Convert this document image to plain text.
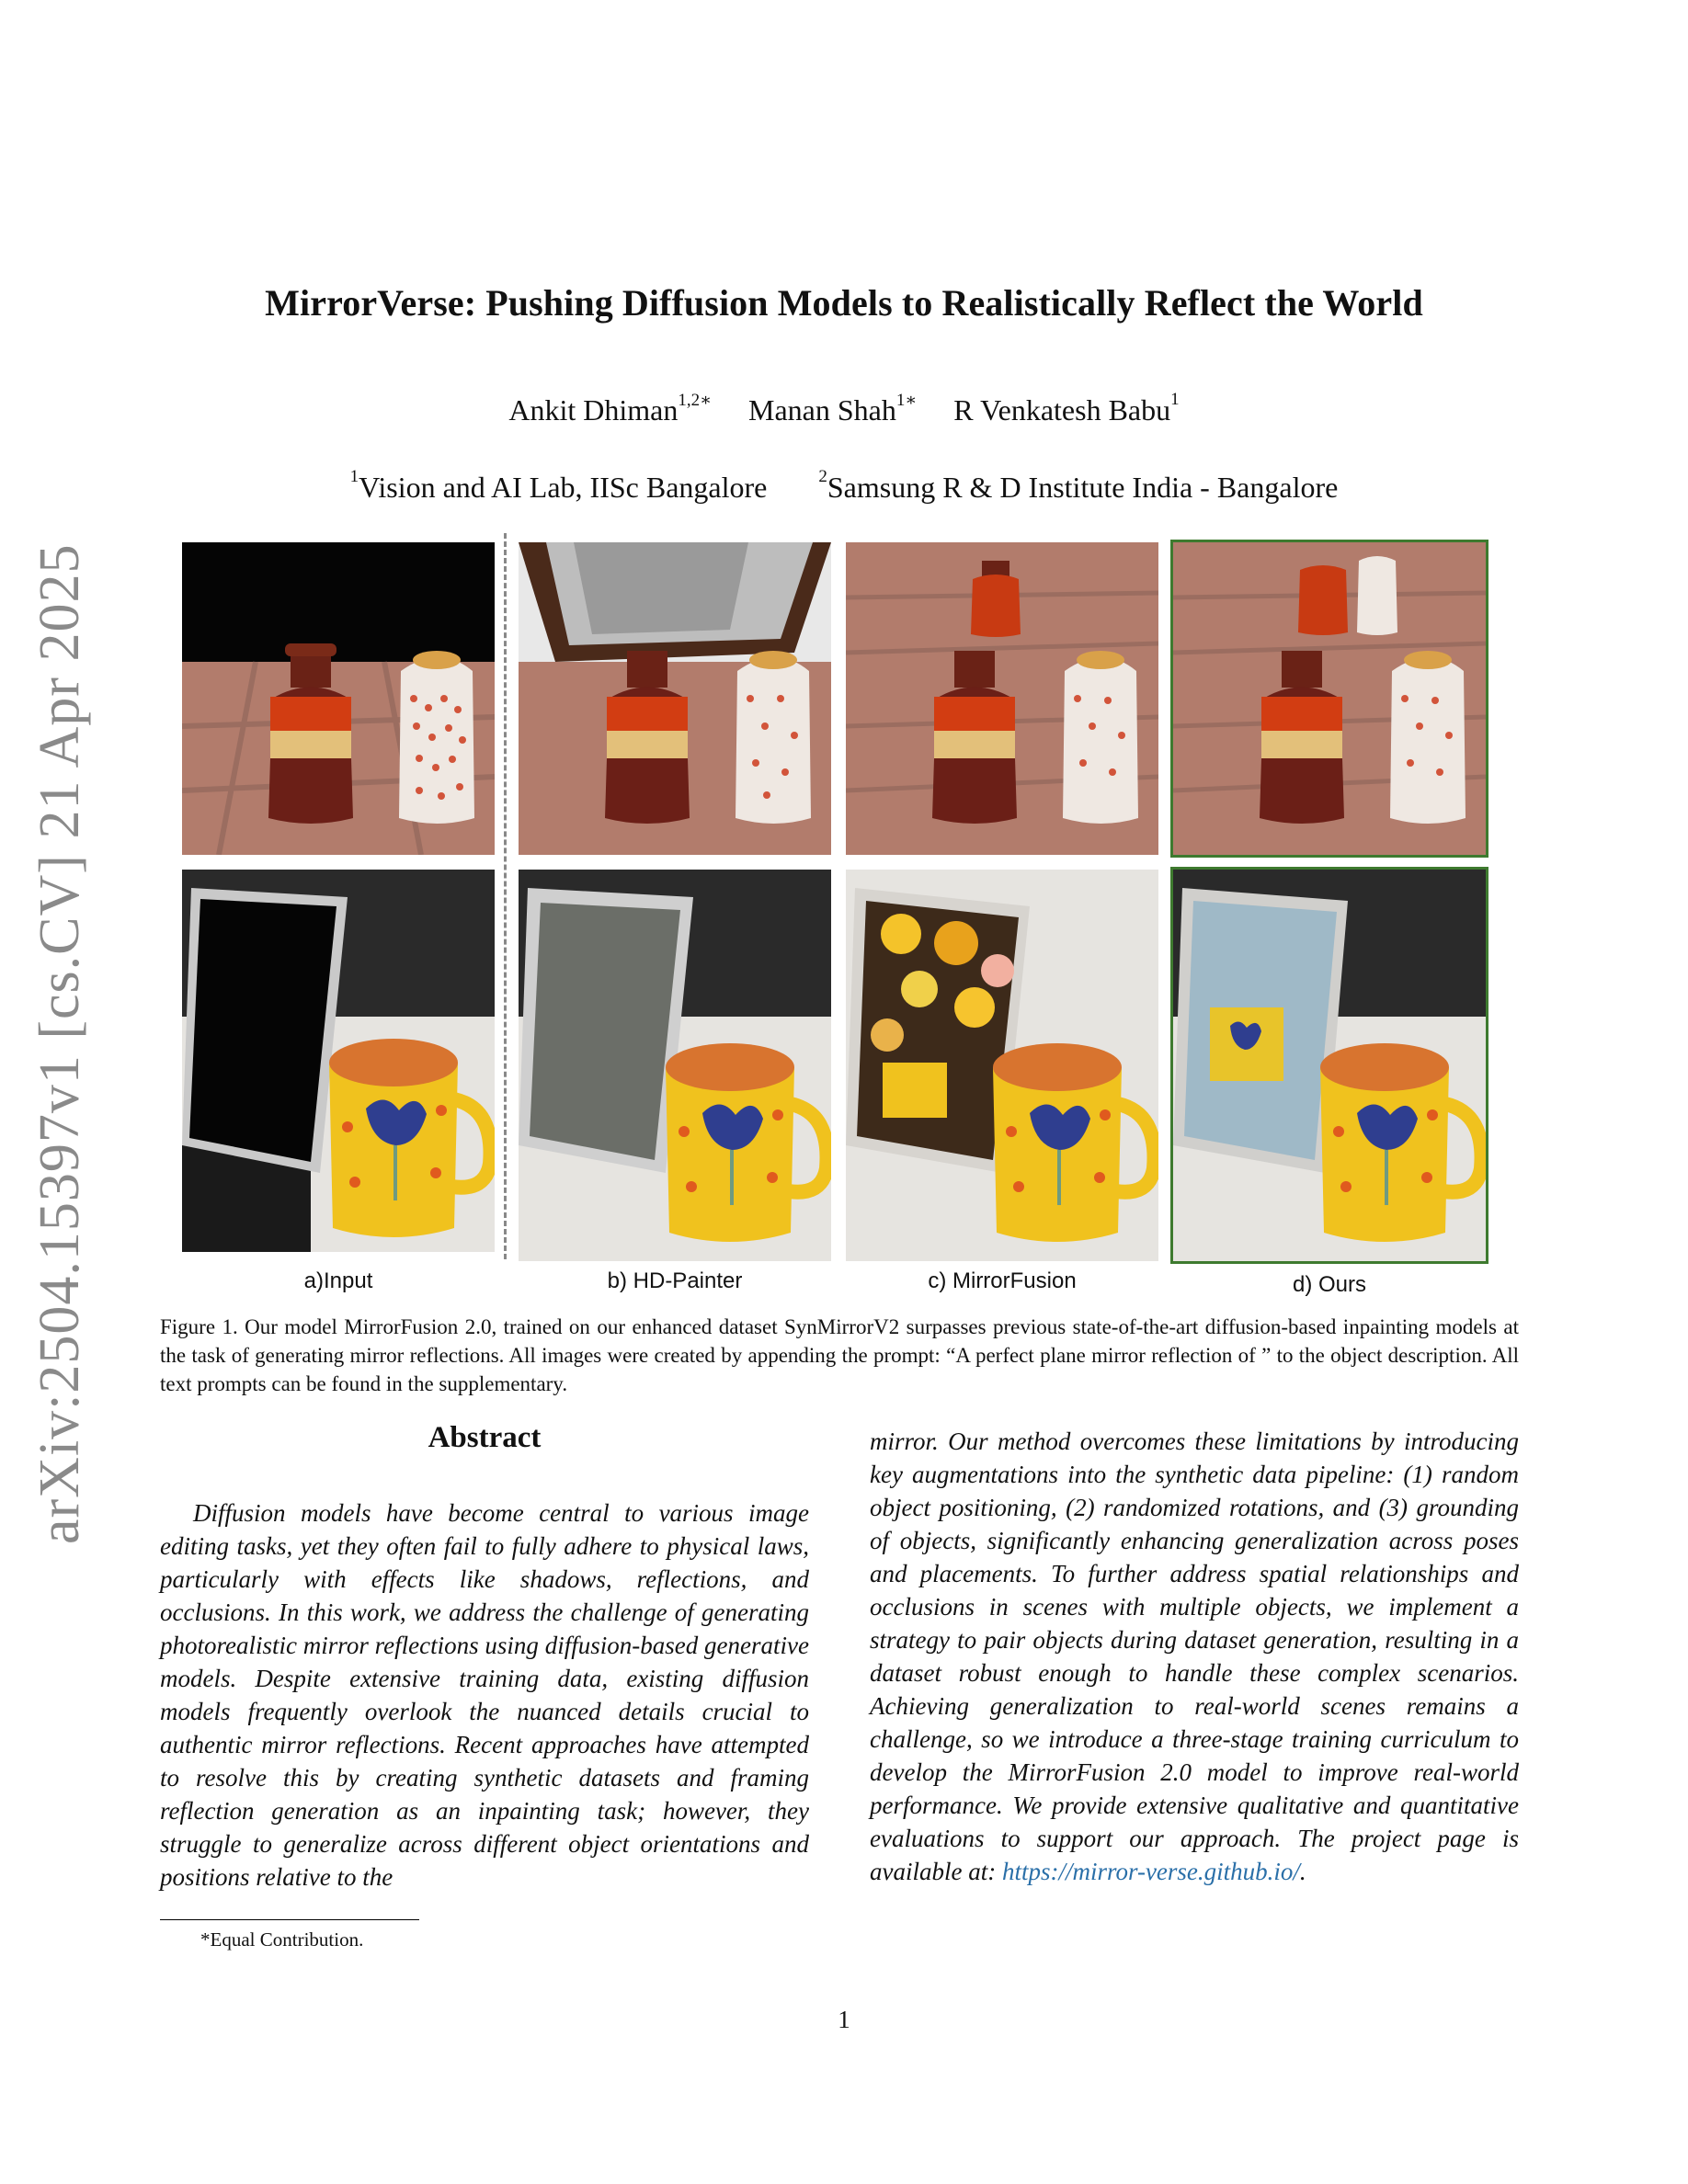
arXiv:2504.15397v1 [cs.CV] 21 Apr 2025
MirrorVerse: Pushing Diffusion Models to Realistically Reflect the World
Ankit Dhiman$^{1,2∗}$ Manan Shah$^{1∗}$ R Venkatesh Babu$^1$
$^1$Vision and AI Lab, IISc Bangalore	$^2$Samsung R & D Institute India - Bangalore
a)Input	b) HD-Painter	c) MirrorFusion	d) Ours
Figure 1. Our model MirrorFusion 2.0, trained on our enhanced dataset SynMirrorV2 surpasses previous state-of-the-art diffusion-based inpainting models at the task of generating mirror reflections. All images were created by appending the prompt: “A perfect plane mirror reflection of ” to the object description. All text prompts can be found in the supplementary.
Abstract
Diffusion models have become central to various image editing tasks, yet they often fail to fully adhere to physical laws, particularly with effects like shadows, reflections, and occlusions. In this work, we address the challenge of generating photorealistic mirror reflections using diffusion-based generative models. Despite extensive training data, existing diffusion models frequently overlook the nuanced details crucial to authentic mirror reflections. Recent approaches have attempted to resolve this by creating synthetic datasets and framing reflection generation as an inpainting task; however, they struggle to generalize across different object orientations and positions relative to the
mirror. Our method overcomes these limitations by introducing key augmentations into the synthetic data pipeline: (1) random object positioning, (2) randomized rotations, and (3) grounding of objects, significantly enhancing generalization across poses and placements. To further address spatial relationships and occlusions in scenes with multiple objects, we implement a strategy to pair objects during dataset generation, resulting in a dataset robust enough to handle these complex scenarios. Achieving generalization to real-world scenes remains a challenge, so we introduce a three-stage training curriculum to develop the MirrorFusion 2.0 model to improve real-world performance. We provide extensive qualitative and quantitative evaluations to support our approach. The project page is available at: https://mirror-verse.github.io/.
*Equal Contribution.
1
